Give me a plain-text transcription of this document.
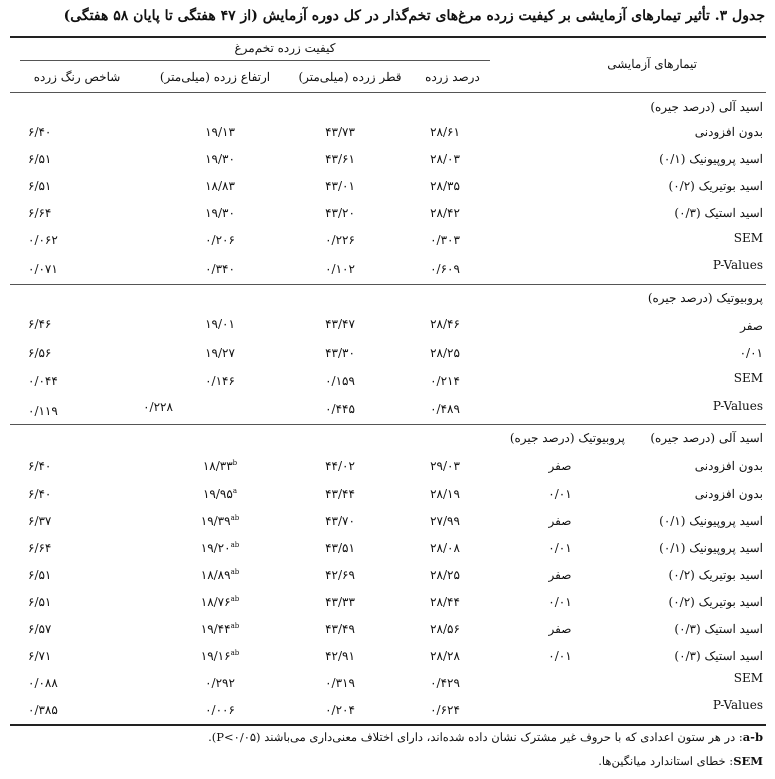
جدول ۳. تأثیر تیمارهای آزمایشی بر کیفیت زرده مرغ‌های تخم‌گذار در کل دوره آزمایش (از ۴۷ هفتگی تا پایان ۵۸ هفتگی)
کیفیت زرده تخم‌مرغ
تیمارهای آزمایشی
درصد زرده
قطر زرده (میلی‌متر)
ارتفاع زرده (میلی‌متر)
شاخص رنگ زرده
اسید آلی (درصد جیره)
بدون افزودنی
۲۸/۶۱
۴۳/۷۳
۱۹/۱۳
۶/۴۰
اسید پروپیونیک (۰/۱)
۲۸/۰۳
۴۳/۶۱
۱۹/۳۰
۶/۵۱
اسید بوتیریک (۰/۲)
۲۸/۳۵
۴۳/۰۱
۱۸/۸۳
۶/۵۱
اسید استیک (۰/۳)
۲۸/۴۲
۴۳/۲۰
۱۹/۳۰
۶/۶۴
SEM
۰/۳۰۳
۰/۲۲۶
۰/۲۰۶
۰/۰۶۲
P-Values
۰/۶۰۹
۰/۱۰۲
۰/۳۴۰
۰/۰۷۱
پروبیوتیک (درصد جیره)
صفر
۲۸/۴۶
۴۳/۴۷
۱۹/۰۱
۶/۴۶
۰/۰۱
۲۸/۲۵
۴۳/۳۰
۱۹/۲۷
۶/۵۶
SEM
۰/۲۱۴
۰/۱۵۹
۰/۱۴۶
۰/۰۴۴
P-Values
۰/۴۸۹
۰/۴۴۵
۰/۲۲۸
۰/۱۱۹
اسید آلی (درصد جیره)
پروبیوتیک (درصد جیره)
بدون افزودنی
صفر
۲۹/۰۳
۴۴/۰۲
۱۸/۳۳$^b$
۶/۴۰
بدون افزودنی
۰/۰۱
۲۸/۱۹
۴۳/۴۴
۱۹/۹۵$^a$
۶/۴۰
اسید پروپیونیک (۰/۱)
صفر
۲۷/۹۹
۴۳/۷۰
$۱۹/۳۹^{ab}$
۶/۳۷
اسید پروپیونیک (۰/۱)
۰/۰۱
۲۸/۰۸
۴۳/۵۱
$۱۹/۲۰^{ab}$
۶/۶۴
اسید بوتیریک (۰/۲)
صفر
۲۸/۲۵
۴۲/۶۹
$۱۸/۸۹^{ab}$
۶/۵۱
اسید بوتیریک (۰/۲)
۰/۰۱
۲۸/۴۴
۴۳/۳۳
$۱۸/۷۶^{ab}$
۶/۵۱
اسید استیک (۰/۳)
صفر
۲۸/۵۶
۴۳/۴۹
$۱۹/۴۴^{ab}$
۶/۵۷
اسید استیک (۰/۳)
۰/۰۱
۲۸/۲۸
۴۲/۹۱
$۱۹/۱۶^{ab}$
۶/۷۱
SEM
۰/۴۲۹
۰/۳۱۹
۰/۲۹۲
۰/۰۸۸
P-Values
۰/۶۲۴
۰/۲۰۴
۰/۰۰۶
۰/۳۸۵
a-b: در هر ستون اعدادی که با حروف غیر مشترک نشان داده شده‌اند، دارای اختلاف معنی‌داری می‌باشند (P<۰/۰۵).
SEM: خطای استاندارد میانگین‌ها.
